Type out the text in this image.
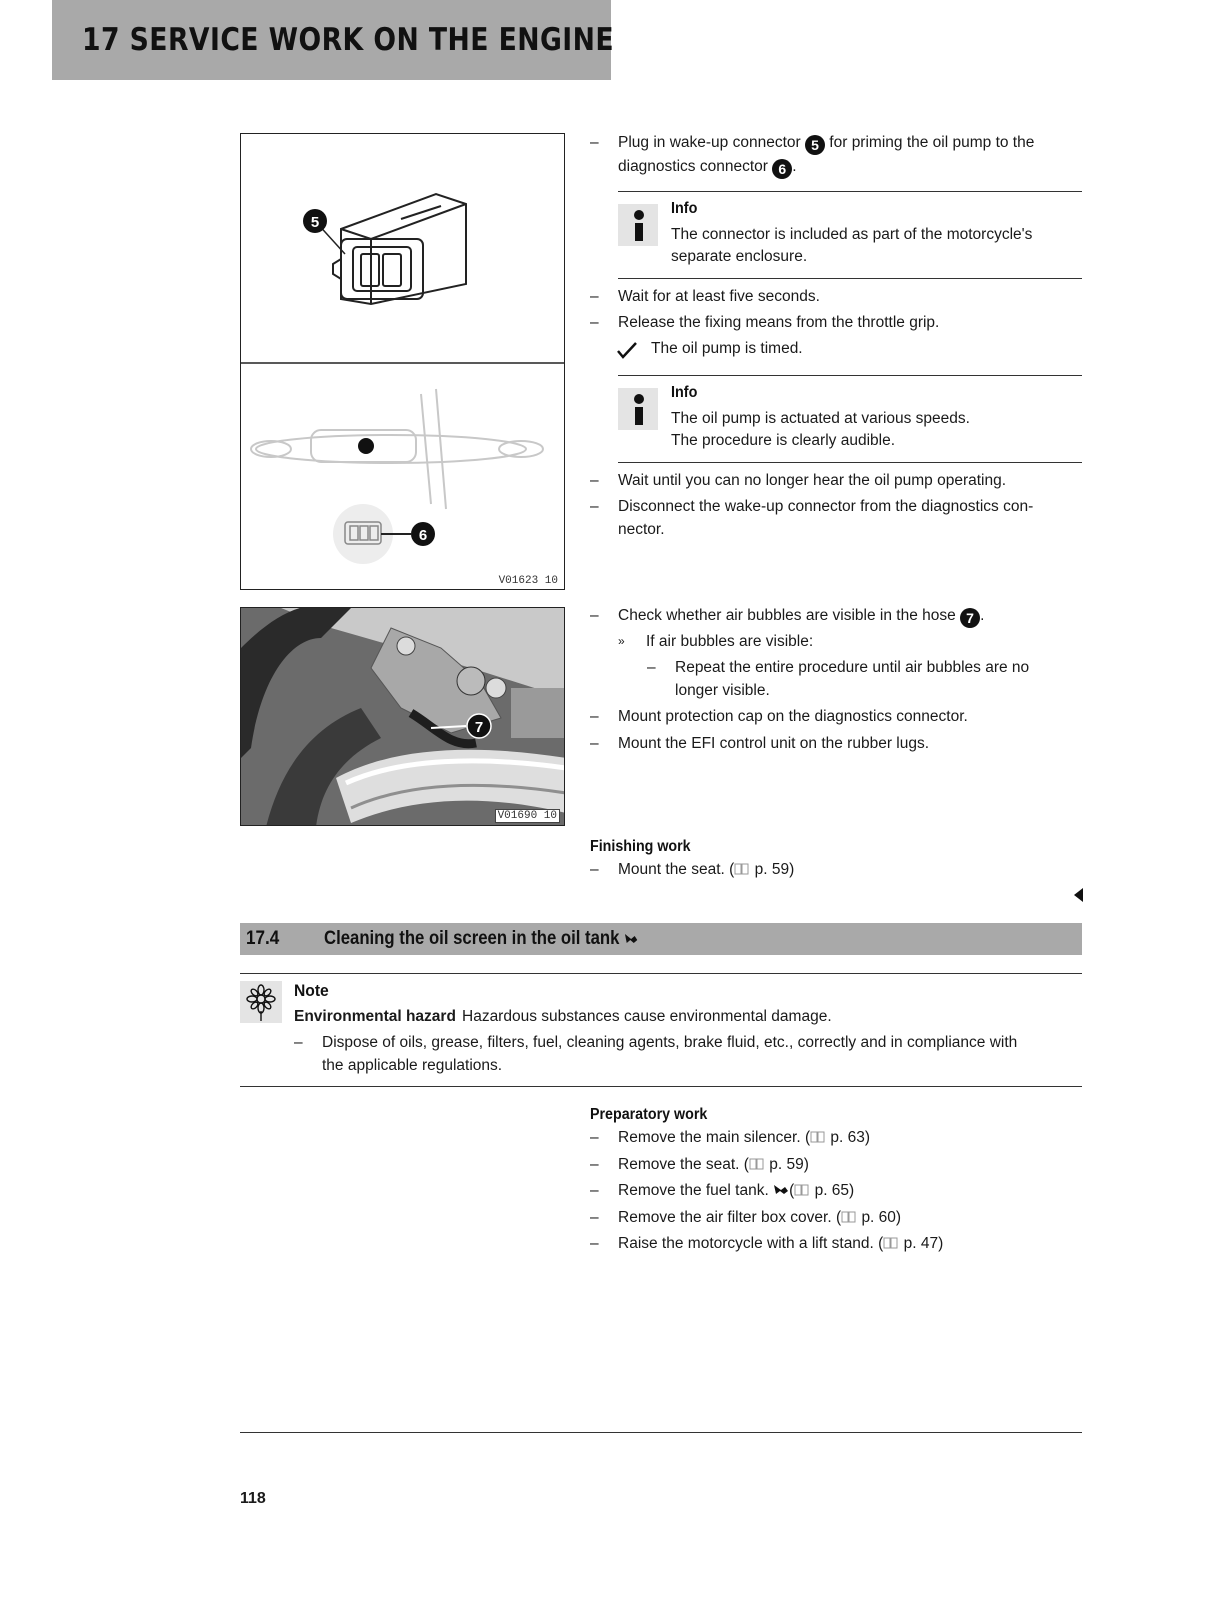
17 SERVICE WORK ON THE ENGINE
5
6
V01623 10
7
V01690 10
– Plug in wake-up connector 5 for priming the oil pump to the
diagnostics connector 6 .
Info
The connector is included as part of the motorcycle's
separate enclosure.
– Wait for at least five seconds.
– Release the fixing means from the throttle grip.
The oil pump is timed.
Info
The oil pump is actuated at various speeds.
The procedure is clearly audible.
– Wait until you can no longer hear the oil pump operating.
– Disconnect the wake-up connector from the diagnostics con-
nector.
– Check whether air bubbles are visible in the hose 7 .
» If air bubbles are visible:
– Repeat the entire procedure until air bubbles are no
longer visible.
– Mount protection cap on the diagnostics connector.
– Mount the EFI control unit on the rubber lugs.
Finishing work
– Mount the seat. ( p. 59)
17.4 Cleaning the oil screen in the oil tank
Note
Environmental hazard Hazardous substances cause environmental damage.
– Dispose of oils, grease, filters, fuel, cleaning agents, brake fluid, etc., correctly and in compliance with
the applicable regulations.
Preparatory work
– Remove the main silencer. ( p. 63)
– Remove the seat. ( p. 59)
– Remove the fuel tank. ( p. 65)
– Remove the air filter box cover. ( p. 60)
– Raise the motorcycle with a lift stand. ( p. 47)
118
